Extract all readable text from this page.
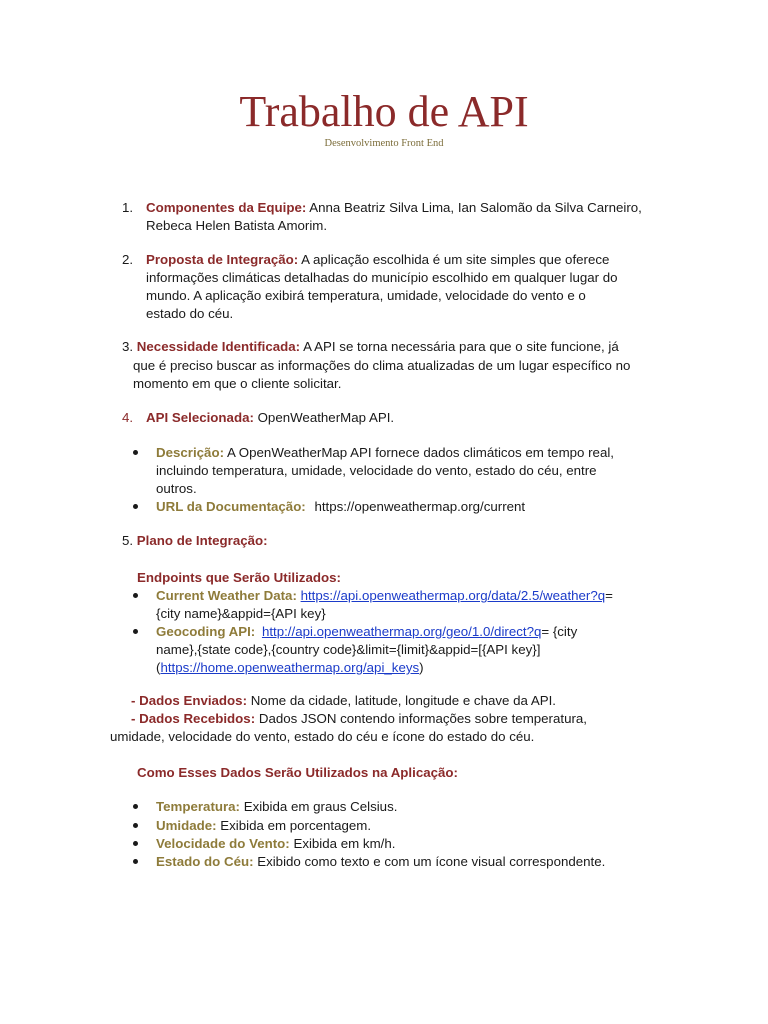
Trabalho de API
Desenvolvimento Front End
1. Componentes da Equipe: Anna Beatriz Silva Lima, Ian Salomão da Silva Carneiro,
Rebeca Helen Batista Amorim.
2. Proposta de Integração: A aplicação escolhida é um site simples que oferece
informações climáticas detalhadas do município escolhido em qualquer lugar do
mundo. A aplicação exibirá temperatura, umidade, velocidade do vento e o
estado do céu.
3. Necessidade Identificada: A API se torna necessária para que o site funcione, já
que é preciso buscar as informações do clima atualizadas de um lugar específico no
momento em que o cliente solicitar.
4. API Selecionada: OpenWeatherMap API.
Descrição: A OpenWeatherMap API fornece dados climáticos em tempo real,
incluindo temperatura, umidade, velocidade do vento, estado do céu, entre
outros.
URL da Documentação: https://openweathermap.org/current
5. Plano de Integração:
Endpoints que Serão Utilizados:
Current Weather Data: https://api.openweathermap.org/data/2.5/weather?q=
{city name}&appid={API key}
Geocoding API: http://api.openweathermap.org/geo/1.0/direct?q= {city
name},{state code},{country code}&limit={limit}&appid=[{API key}]
(https://home.openweathermap.org/api_keys)
- Dados Enviados: Nome da cidade, latitude, longitude e chave da API.
- Dados Recebidos: Dados JSON contendo informações sobre temperatura,
umidade, velocidade do vento, estado do céu e ícone do estado do céu.
Como Esses Dados Serão Utilizados na Aplicação:
Temperatura: Exibida em graus Celsius.
Umidade: Exibida em porcentagem.
Velocidade do Vento: Exibida em km/h.
Estado do Céu: Exibido como texto e com um ícone visual correspondente.
